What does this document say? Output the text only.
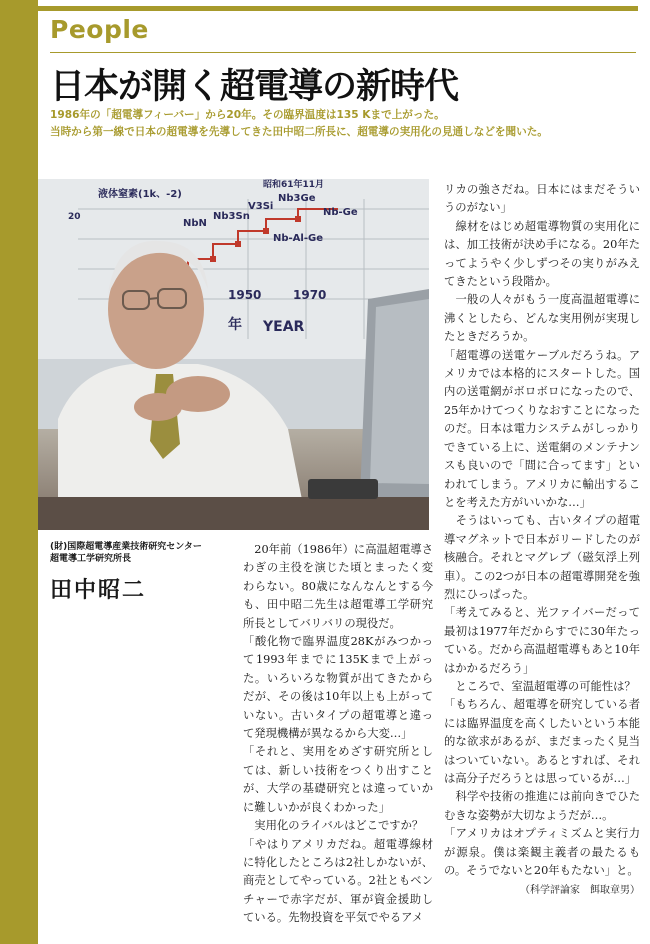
People
日本が開く超電導の新時代

1986年の「超電導フィーバー」から20年。その臨界温度は135 Kまで上がった。

当時から第一線で日本の超電導を先導してきた田中昭二所長に、超電導の実用化の見通しなどを聞いた。

液体窒素(1k、-2)
20
NbN
Nb3Sn
V3Si
Nb3Ge
Nb-Ge
Nb-Al-Ge
1950	1970
年 YEAR
昭和61年11月

(財)国際超電導産業技術研究センター

超電導工学研究所長

田中昭二

　20年前（1986年）に高温超電導さわぎの主役を演じた頃とまったく変わらない。80歳になんなんとする今も、田中昭二先生は超電導工学研究所長としてバリバリの現役だ。

「酸化物で臨界温度28Kがみつかって1993年までに135Kまで上がった。いろいろな物質が出てきたからだが、その後は10年以上も上がっていない。古いタイプの超電導と違って発現機構が異なるから大変…」

「それと、実用をめざす研究所としては、新しい技術をつくり出すことが、大学の基礎研究とは違っていかに難しいかが良くわかった」

　実用化のライバルはどこですか？

「やはりアメリカだね。超電導線材に特化したところは2社しかないが、商売としてやっている。2社ともベンチャーで赤字だが、軍が資金援助している。先物投資を平気でやるアメ

リカの強さだね。日本にはまだそういうのがない」

　線材をはじめ超電導物質の実用化には、加工技術が決め手になる。20年たってようやく少しずつその実りがみえてきたという段階か。

　一般の人々がもう一度高温超電導に沸くとしたら、どんな実用例が実現したときだろうか。

「超電導の送電ケーブルだろうね。アメリカでは本格的にスタートした。国内の送電網がボロボロになったので、25年かけてつくりなおすことになったのだ。日本は電力システムがしっかりできている上に、送電網のメンテナンスも良いので「間に合ってます」といわれてしまう。アメリカに輸出することを考えた方がいいかな…」

　そうはいっても、古いタイプの超電導マグネットで日本がリードしたのが核融合。それとマグレブ（磁気浮上列車）。この2つが日本の超電導開発を強烈にひっぱった。

「考えてみると、光ファイバーだって最初は1977年だからすでに30年たっている。だから高温超電導もあと10年はかかるだろう」

　ところで、室温超電導の可能性は？

「もちろん、超電導を研究している者には臨界温度を高くしたいという本能的な欲求があるが、まだまったく見当はついていない。あるとすれば、それは高分子だろうとは思っているが…」

　科学や技術の推進には前向きでひたむきな姿勢が大切なようだが…。

「アメリカはオプティミズムと実行力が源泉。僕は楽観主義者の最たるもの。そうでないと20年もたない」と。

（科学評論家　餌取章男）
